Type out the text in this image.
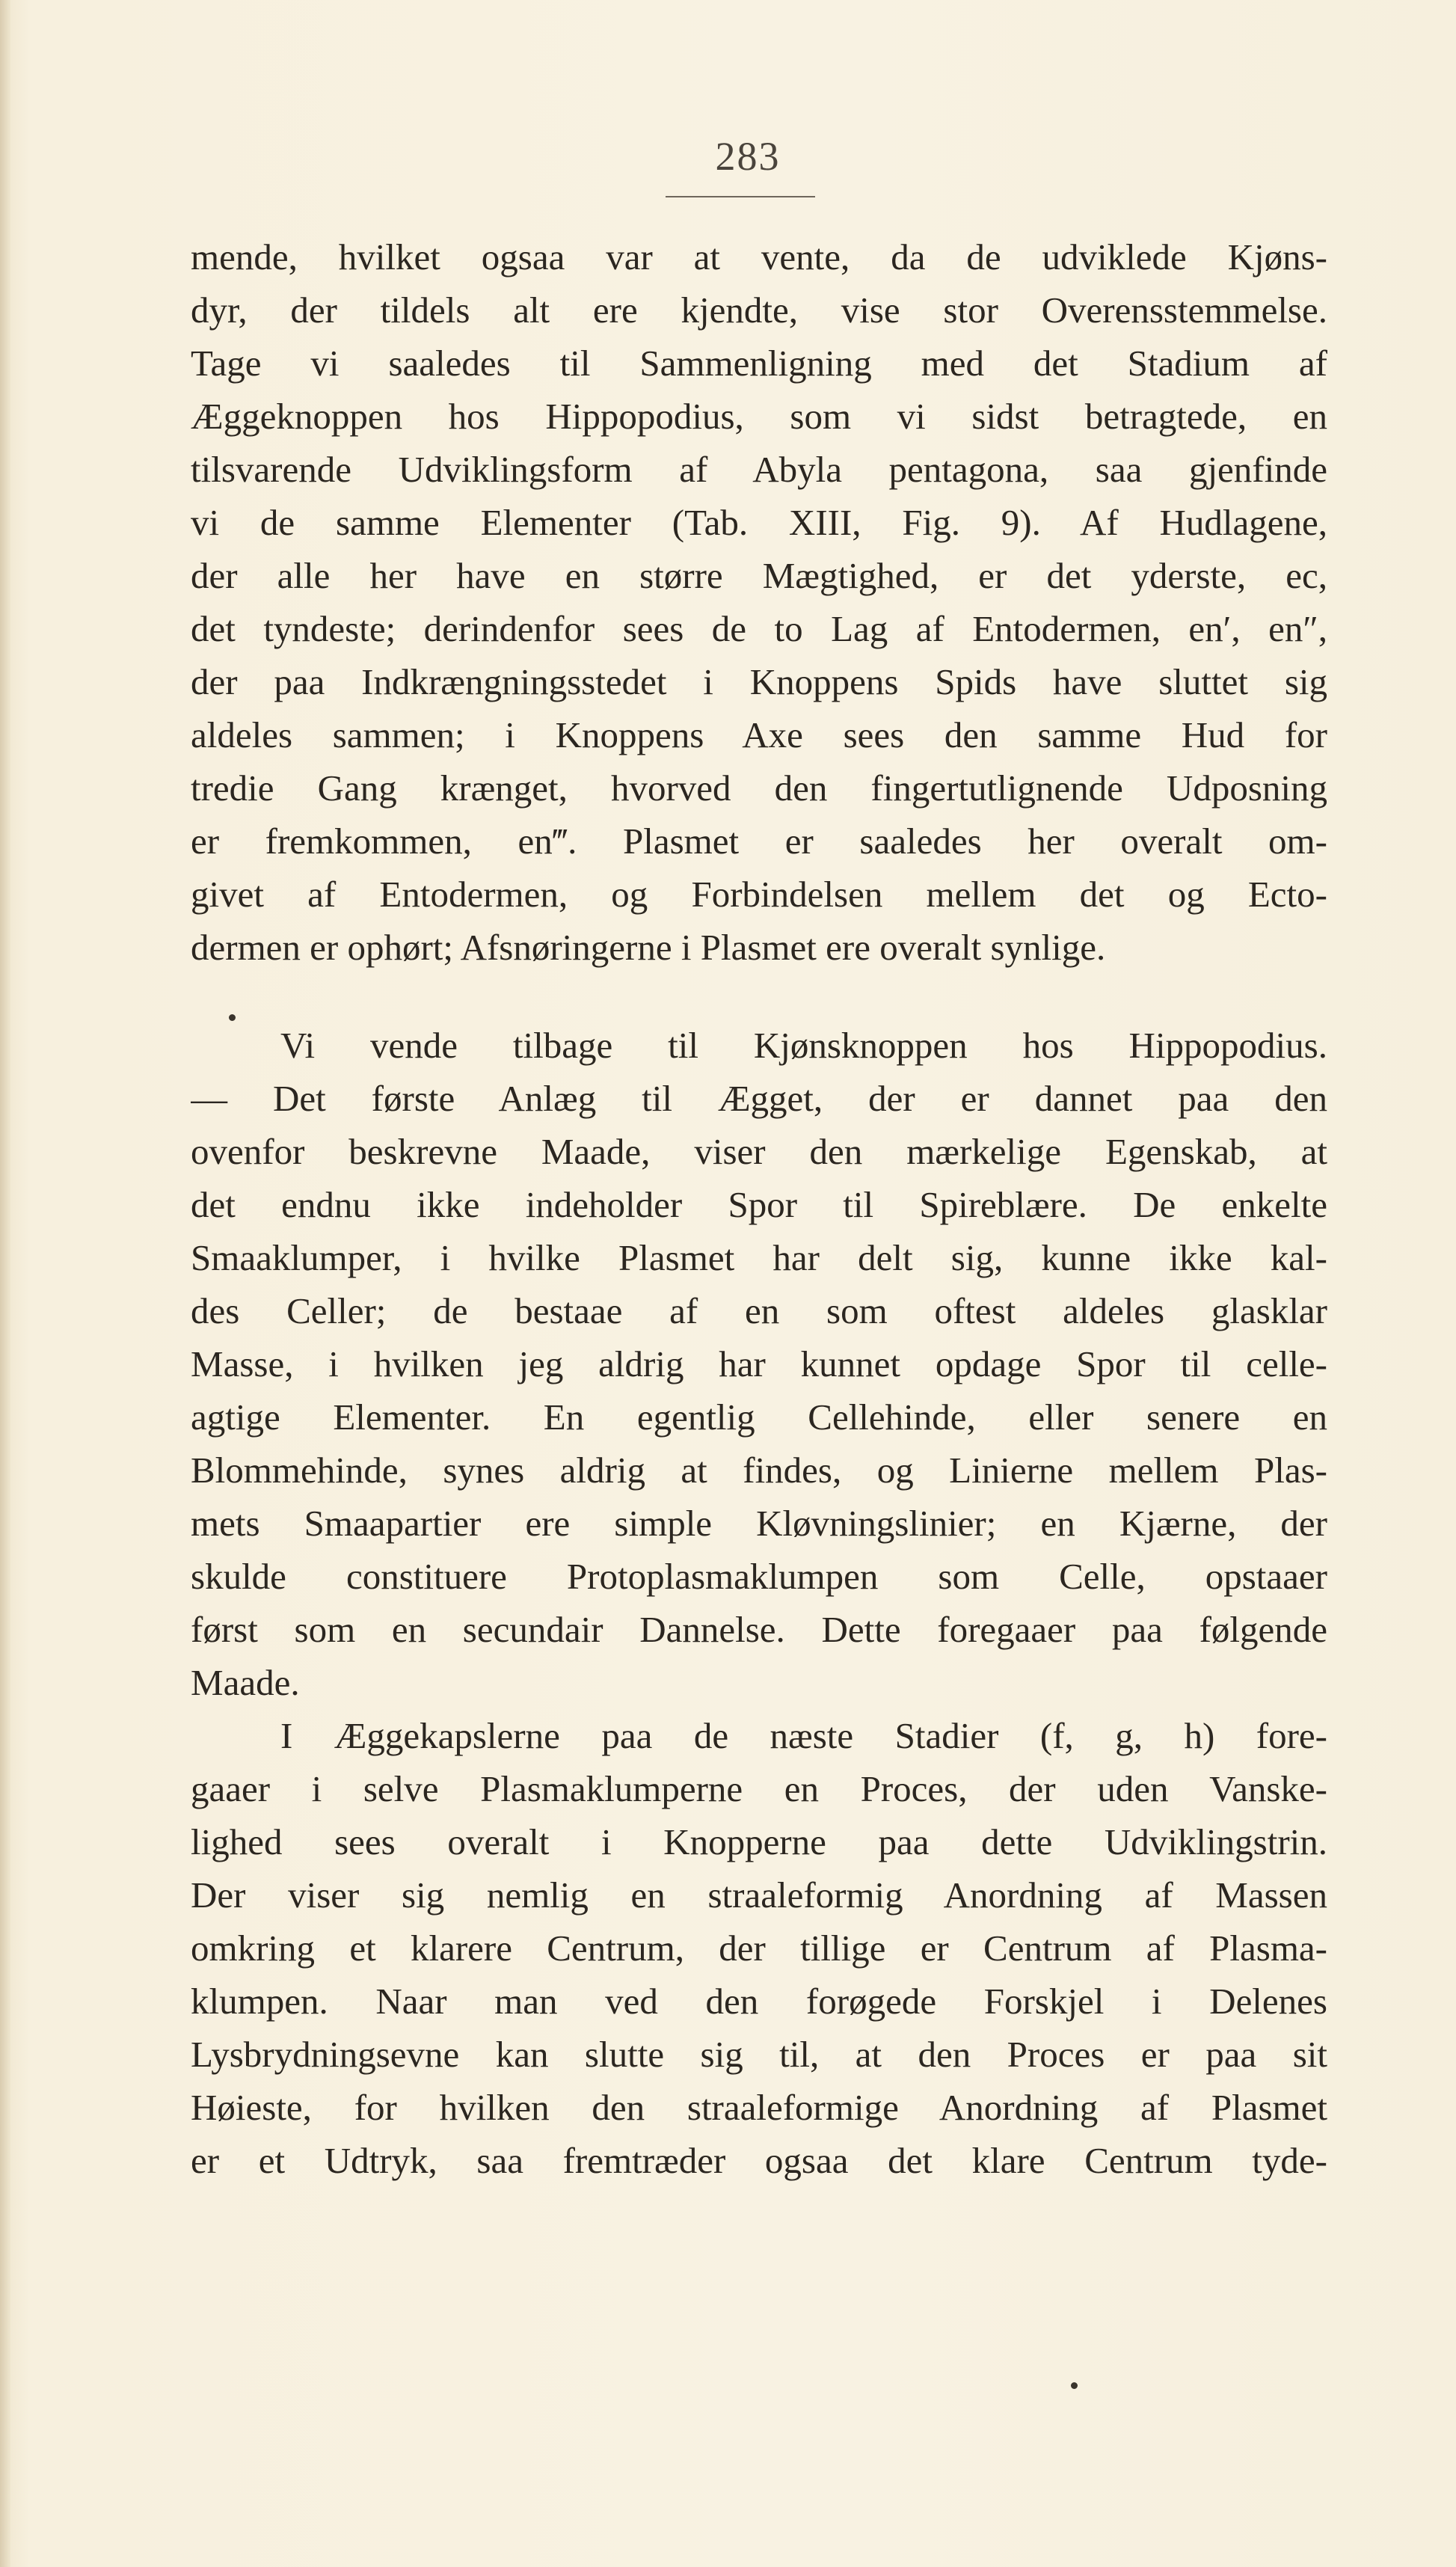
283
mende, hvilket ogsaa var at vente, da de udviklede Kjøns-
dyr, der tildels alt ere kjendte, vise stor Overensstemmelse.
Tage vi saaledes til Sammenligning med det Stadium af
Æggeknoppen hos Hippopodius, som vi sidst betragtede, en
tilsvarende Udviklingsform af Abyla pentagona, saa gjenfinde
vi de samme Elementer (Tab. XIII, Fig. 9). Af Hudlagene,
der alle her have en større Mægtighed, er det yderste, ec,
det tyndeste; derindenfor sees de to Lag af Entodermen, en′, en″,
der paa Indkrængningsstedet i Knoppens Spids have sluttet sig
aldeles sammen; i Knoppens Axe sees den samme Hud for
tredie Gang krænget, hvorved den fingertutlignende Udposning
er fremkommen, en‴. Plasmet er saaledes her overalt om-
givet af Entodermen, og Forbindelsen mellem det og Ecto-
dermen er ophørt; Afsnøringerne i Plasmet ere overalt synlige.
Vi vende tilbage til Kjønsknoppen hos Hippopodius.
— Det første Anlæg til Ægget, der er dannet paa den
ovenfor beskrevne Maade, viser den mærkelige Egenskab, at
det endnu ikke indeholder Spor til Spireblære. De enkelte
Smaaklumper, i hvilke Plasmet har delt sig, kunne ikke kal-
des Celler; de bestaae af en som oftest aldeles glasklar
Masse, i hvilken jeg aldrig har kunnet opdage Spor til celle-
agtige Elementer. En egentlig Cellehinde, eller senere en
Blommehinde, synes aldrig at findes, og Linierne mellem Plas-
mets Smaapartier ere simple Kløvningslinier; en Kjærne, der
skulde constituere Protoplasmaklumpen som Celle, opstaaer
først som en secundair Dannelse. Dette foregaaer paa følgende
Maade.
I Æggekapslerne paa de næste Stadier (f, g, h) fore-
gaaer i selve Plasmaklumperne en Proces, der uden Vanske-
lighed sees overalt i Knopperne paa dette Udviklingstrin.
Der viser sig nemlig en straaleformig Anordning af Massen
omkring et klarere Centrum, der tillige er Centrum af Plasma-
klumpen. Naar man ved den forøgede Forskjel i Delenes
Lysbrydningsevne kan slutte sig til, at den Proces er paa sit
Høieste, for hvilken den straaleformige Anordning af Plasmet
er et Udtryk, saa fremtræder ogsaa det klare Centrum tyde-
